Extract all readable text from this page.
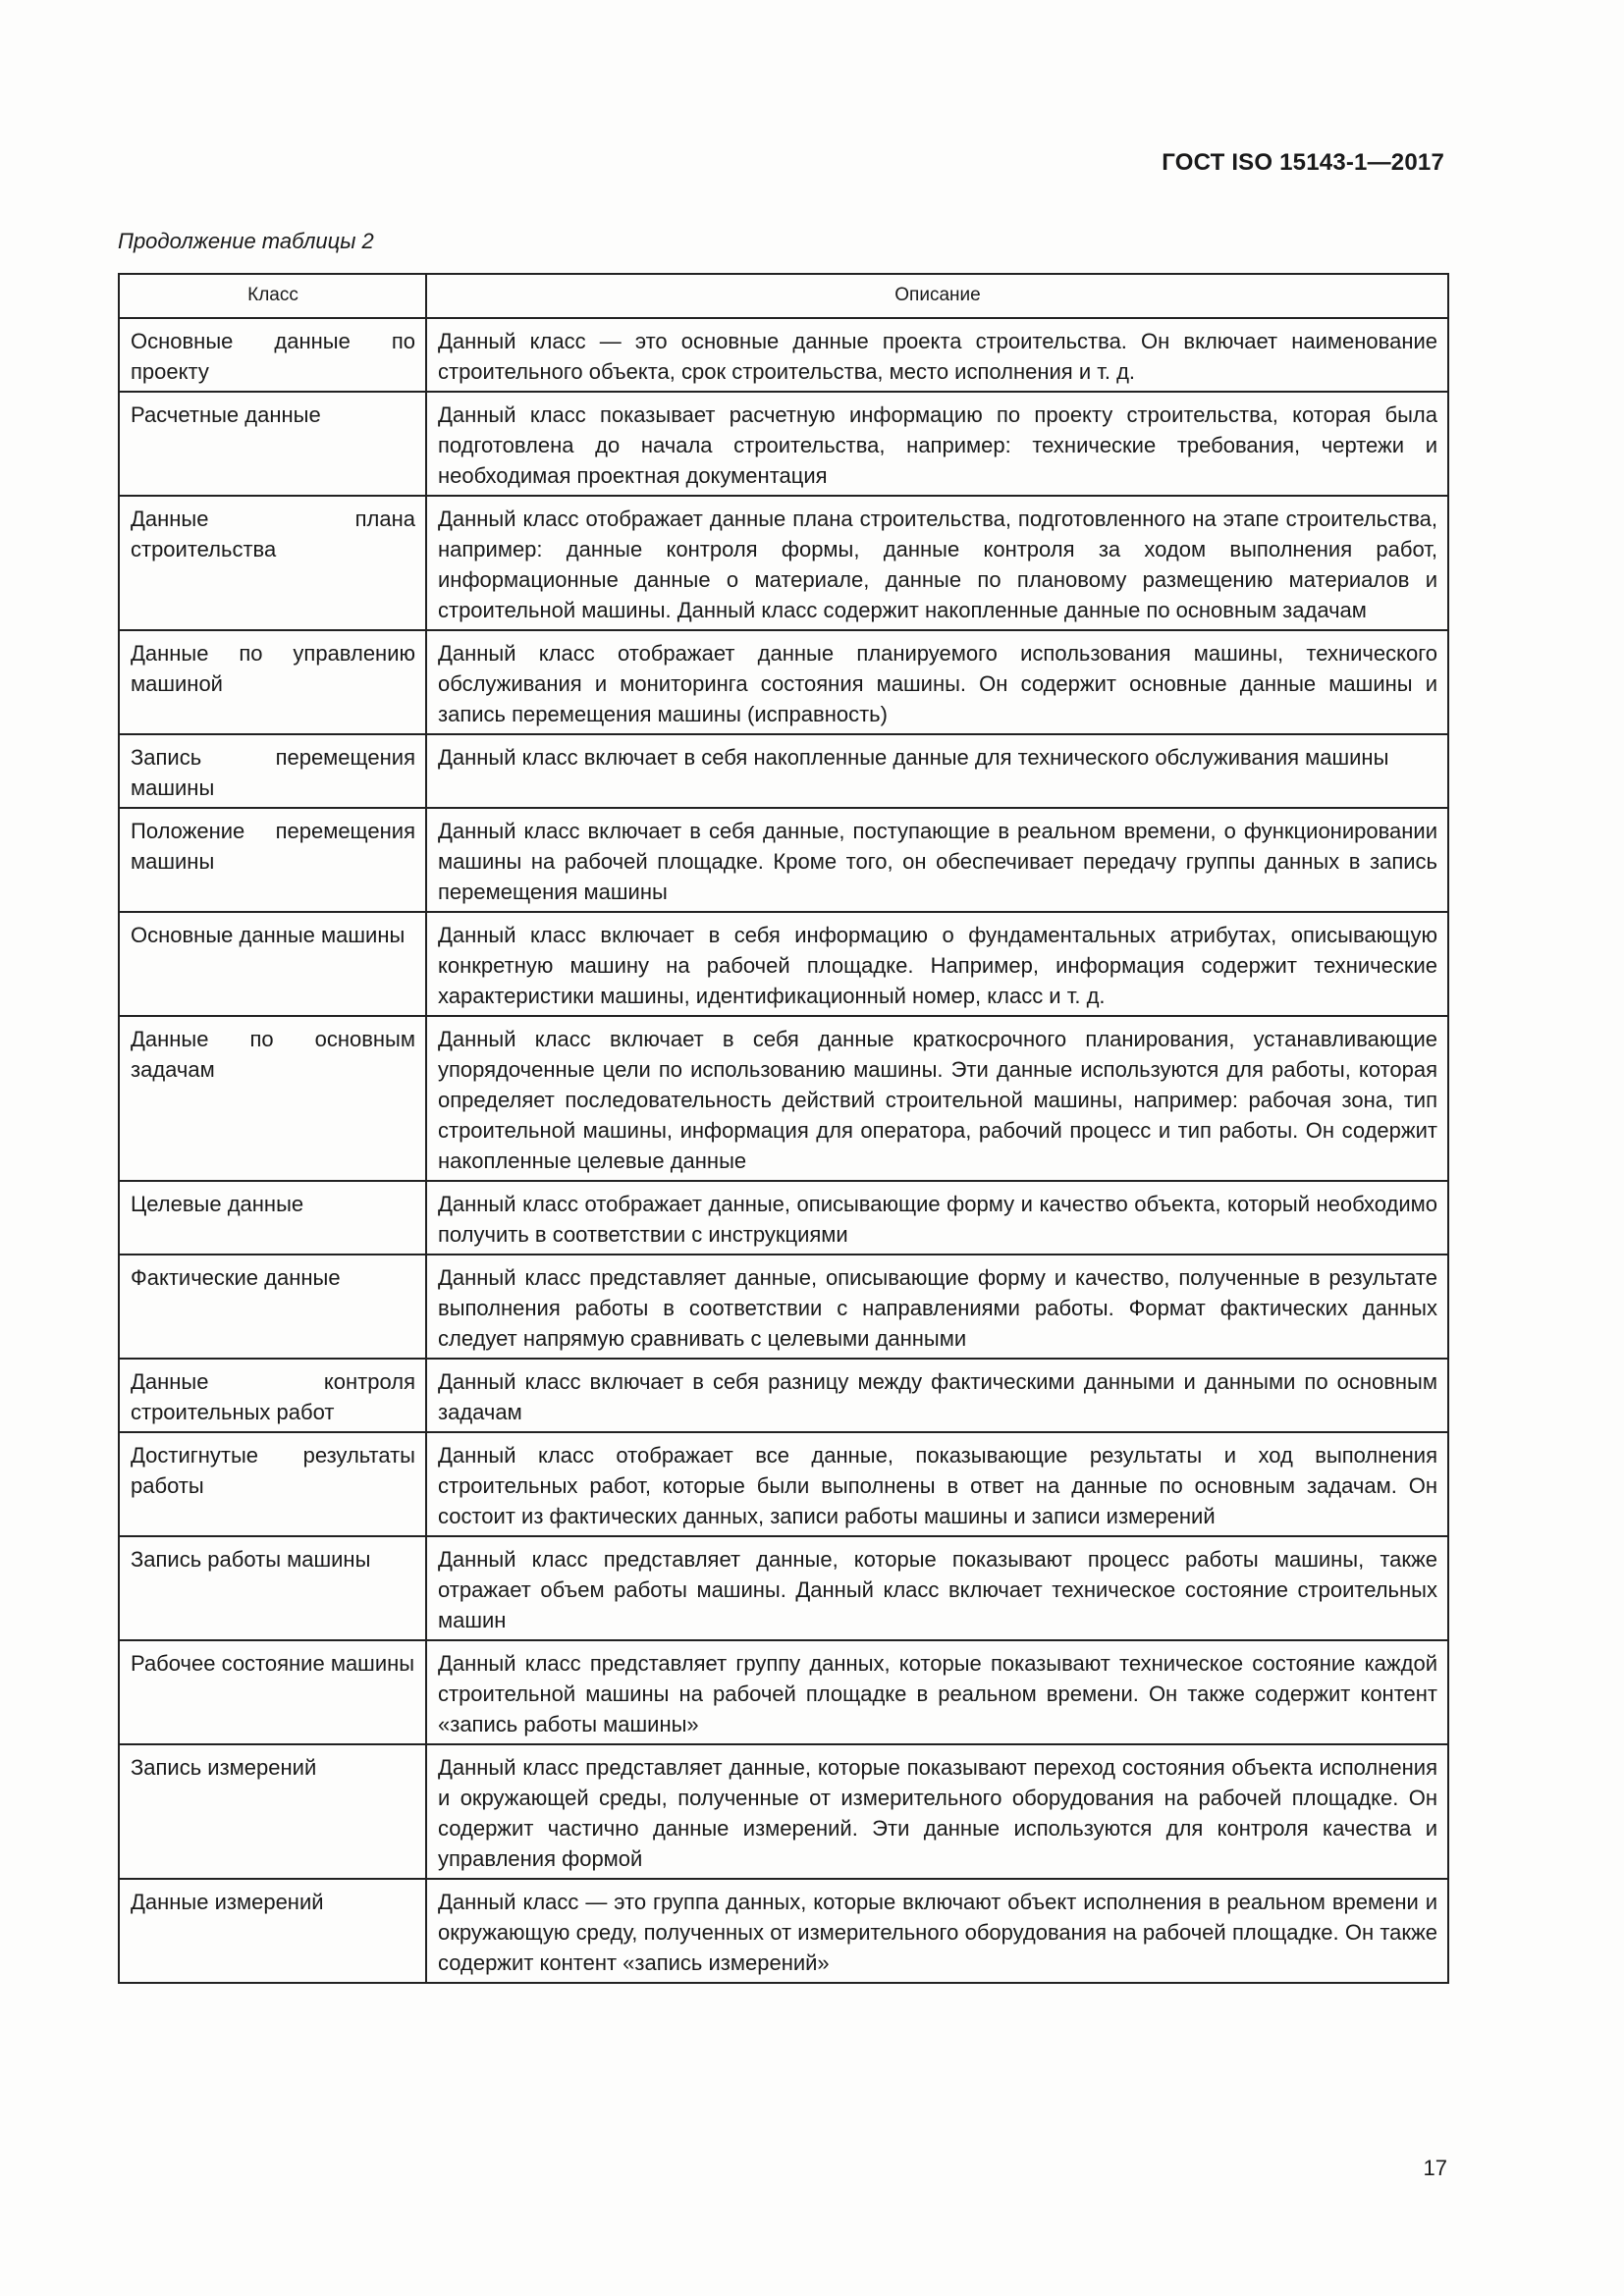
ГОСТ ISO 15143-1—2017
Продолжение таблицы 2
Класс	Описание
Основные данные по проекту	Данный класс — это основные данные проекта строительства. Он включает наименование строительного объекта, срок строительства, место исполнения и т. д.
Расчетные данные	Данный класс показывает расчетную информацию по проекту строительства, которая была подготовлена до начала строительства, например: технические требования, чертежи и необходимая проектная документация
Данные плана строительства	Данный класс отображает данные плана строительства, подготовленного на этапе строительства, например: данные контроля формы, данные контроля за ходом выполнения работ, информационные данные о материале, данные по плановому размещению материалов и строительной машины. Данный класс содержит накопленные данные по основным задачам
Данные по управлению машиной	Данный класс отображает данные планируемого использования машины, технического обслуживания и мониторинга состояния машины. Он содержит основные данные машины и запись перемещения машины (исправность)
Запись перемещения машины	Данный класс включает в себя накопленные данные для технического обслуживания машины
Положение перемещения машины	Данный класс включает в себя данные, поступающие в реальном времени, о функционировании машины на рабочей площадке. Кроме того, он обеспечивает передачу группы данных в запись перемещения машины
Основные данные машины	Данный класс включает в себя информацию о фундаментальных атрибутах, описывающую конкретную машину на рабочей площадке. Например, информация содержит технические характеристики машины, идентификационный номер, класс и т. д.
Данные по основным задачам	Данный класс включает в себя данные краткосрочного планирования, устанавливающие упорядоченные цели по использованию машины. Эти данные используются для работы, которая определяет последовательность действий строительной машины, например: рабочая зона, тип строительной машины, информация для оператора, рабочий процесс и тип работы. Он содержит накопленные целевые данные
Целевые данные	Данный класс отображает данные, описывающие форму и качество объекта, который необходимо получить в соответствии с инструкциями
Фактические данные	Данный класс представляет данные, описывающие форму и качество, полученные в результате выполнения работы в соответствии с направлениями работы. Формат фактических данных следует напрямую сравнивать с целевыми данными
Данные контроля строительных работ	Данный класс включает в себя разницу между фактическими данными и данными по основным задачам
Достигнутые результаты работы	Данный класс отображает все данные, показывающие результаты и ход выполнения строительных работ, которые были выполнены в ответ на данные по основным задачам. Он состоит из фактических данных, записи работы машины и записи измерений
Запись работы машины	Данный класс представляет данные, которые показывают процесс работы машины, также отражает объем работы машины. Данный класс включает техническое состояние строительных машин
Рабочее состояние машины	Данный класс представляет группу данных, которые показывают техническое состояние каждой строительной машины на рабочей площадке в реальном времени. Он также содержит контент «запись работы машины»
Запись измерений	Данный класс представляет данные, которые показывают переход состояния объекта исполнения и окружающей среды, полученные от измерительного оборудования на рабочей площадке. Он содержит частично данные измерений. Эти данные используются для контроля качества и управления формой
Данные измерений	Данный класс — это группа данных, которые включают объект исполнения в реальном времени и окружающую среду, полученных от измерительного оборудования на рабочей площадке. Он также содержит контент «запись измерений»
17
